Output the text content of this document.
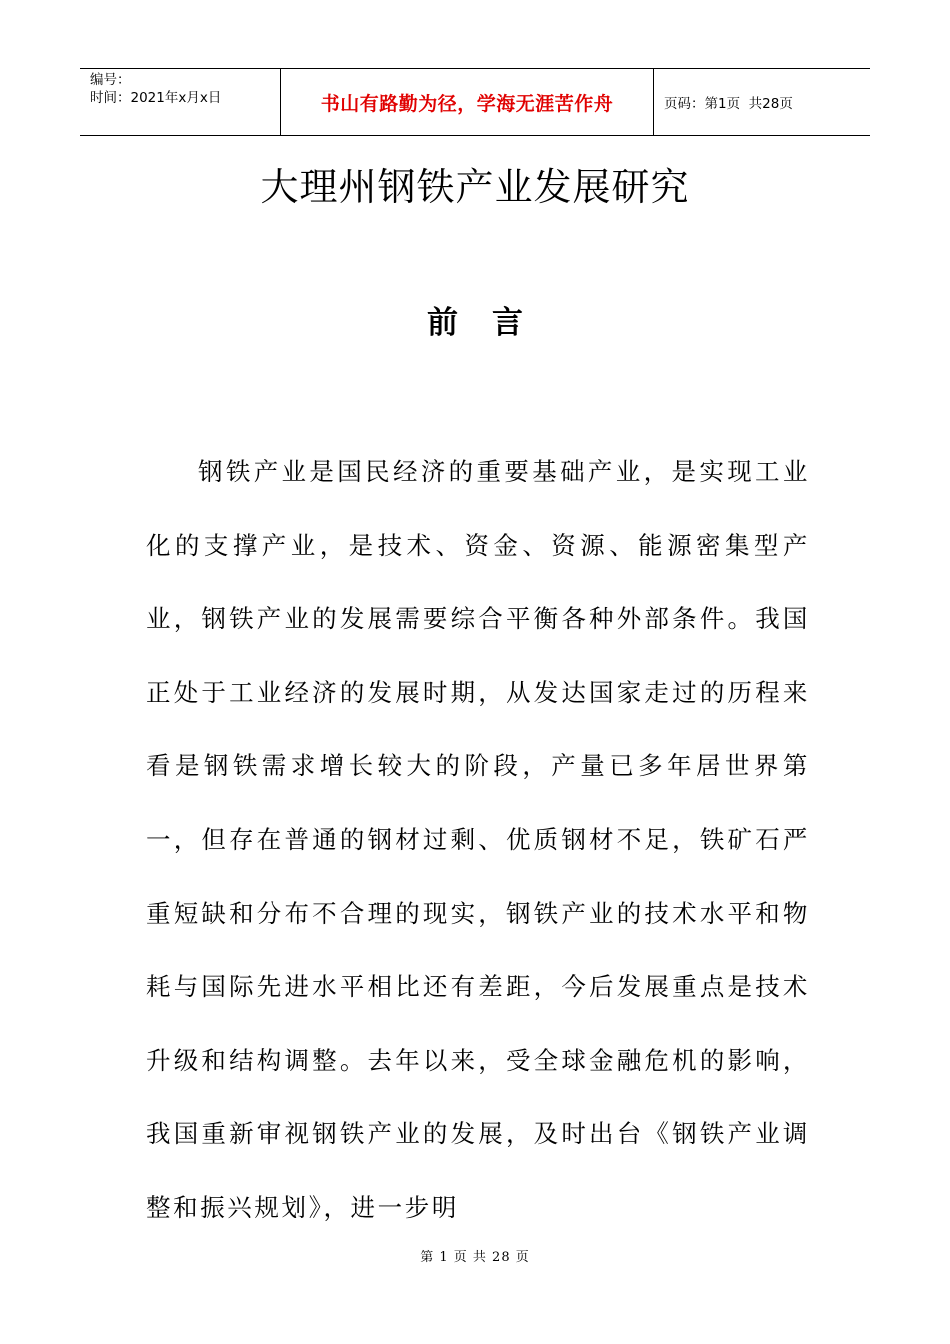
编号：
时间：2021年x月x日	书山有路勤为径，学海无涯苦作舟	页码：第1页  共28页
大理州钢铁产业发展研究
前言

钢铁产业是国民经济的重要基础产业，是实现工业化的支撑产业，是技术、资金、资源、能源密集型产业，钢铁产业的发展需要综合平衡各种外部条件。我国正处于工业经济的发展时期，从发达国家走过的历程来看是钢铁需求增长较大的阶段，产量已多年居世界第一，但存在普通的钢材过剩、优质钢材不足，铁矿石严重短缺和分布不合理的现实，钢铁产业的技术水平和物耗与国际先进水平相比还有差距，今后发展重点是技术升级和结构调整。去年以来，受全球金融危机的影响，我国重新审视钢铁产业的发展，及时出台《钢铁产业调整和振兴规划》，进一步明

第 1 页 共 28 页
